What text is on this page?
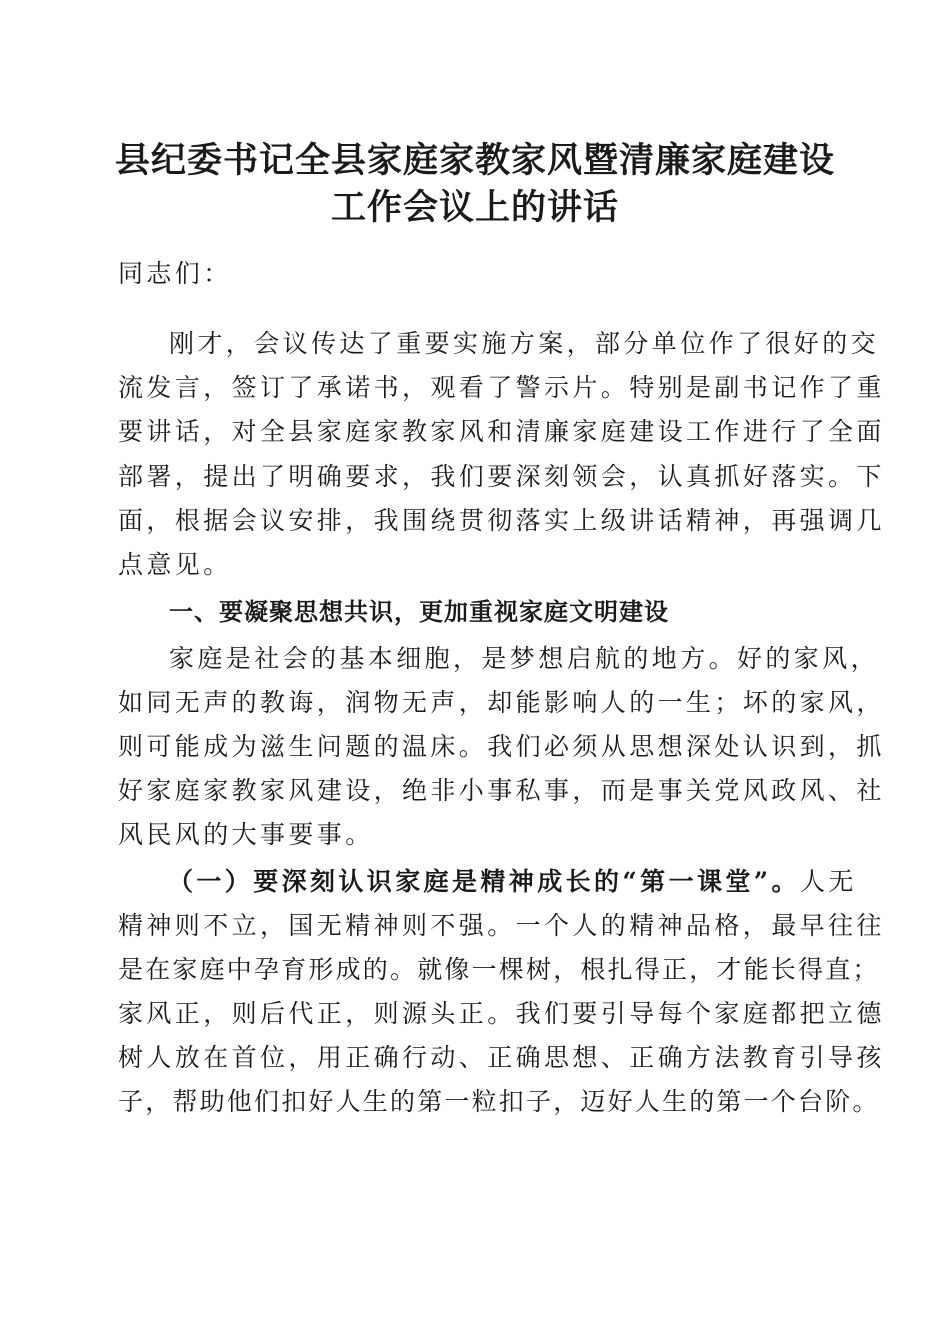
县纪委书记全县家庭家教家风暨清廉家庭建设
工作会议上的讲话

同志们：

刚才，会议传达了重要实施方案，部分单位作了很好的交

流发言，签订了承诺书，观看了警示片。特别是副书记作了重

要讲话，对全县家庭家教家风和清廉家庭建设工作进行了全面

部署，提出了明确要求，我们要深刻领会，认真抓好落实。下

面，根据会议安排，我围绕贯彻落实上级讲话精神，再强调几

点意见。

一、要凝聚思想共识，更加重视家庭文明建设

家庭是社会的基本细胞，是梦想启航的地方。好的家风，

如同无声的教诲，润物无声，却能影响人的一生；坏的家风，

则可能成为滋生问题的温床。我们必须从思想深处认识到，抓

好家庭家教家风建设，绝非小事私事，而是事关党风政风、社

风民风的大事要事。

（一）要深刻认识家庭是精神成长的“第一课堂”。人无

精神则不立，国无精神则不强。一个人的精神品格，最早往往

是在家庭中孕育形成的。就像一棵树，根扎得正，才能长得直；

家风正，则后代正，则源头正。我们要引导每个家庭都把立德

树人放在首位，用正确行动、正确思想、正确方法教育引导孩

子，帮助他们扣好人生的第一粒扣子，迈好人生的第一个台阶。
